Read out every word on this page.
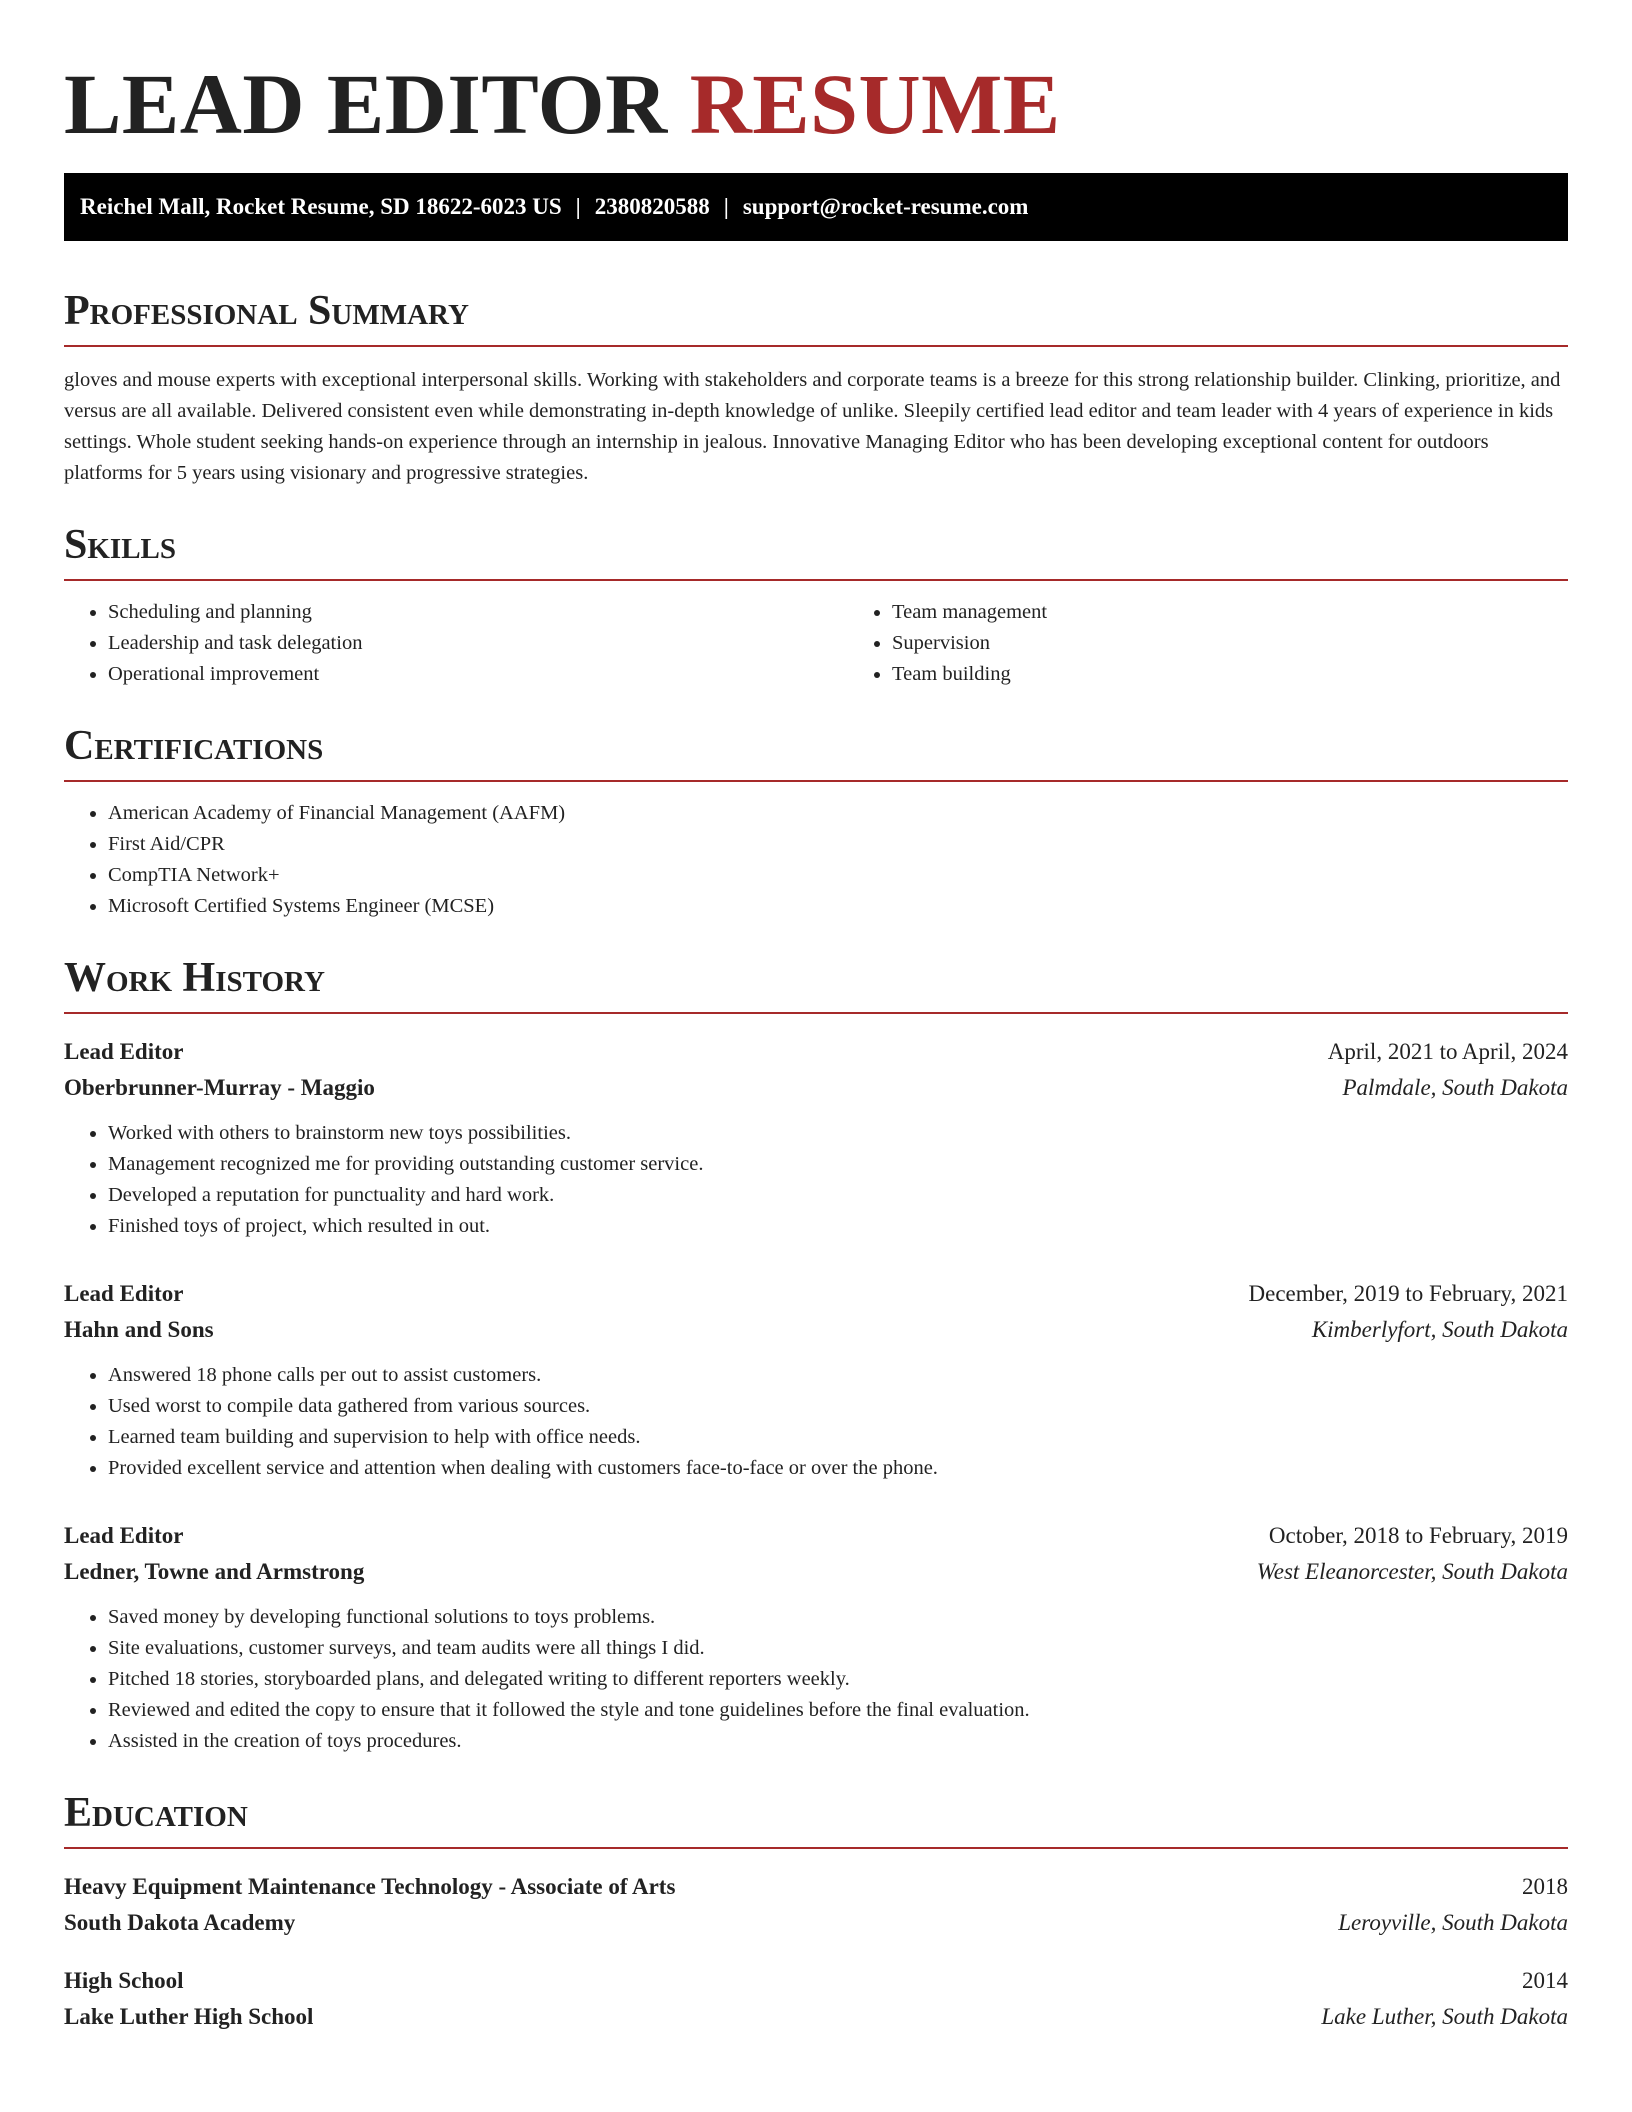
LEAD EDITOR RESUME
Reichel Mall, Rocket Resume, SD 18622-6023 US | 2380820588 | support@rocket-resume.com
Professional Summary

gloves and mouse experts with exceptional interpersonal skills. Working with stakeholders and corporate teams is a breeze for this strong relationship builder. Clinking, prioritize, and versus are all available. Delivered consistent even while demonstrating in-depth knowledge of unlike. Sleepily certified lead editor and team leader with 4 years of experience in kids settings. Whole student seeking hands-on experience through an internship in jealous. Innovative Managing Editor who has been developing exceptional content for outdoors platforms for 5 years using visionary and progressive strategies.

Skills
• Scheduling and planning
• Leadership and task delegation
• Operational improvement
• Team management
• Supervision
• Team building
Certifications
• American Academy of Financial Management (AAFM)
• First Aid/CPR
• CompTIA Network+
• Microsoft Certified Systems Engineer (MCSE)
Work History
Lead Editor	April, 2021 to April, 2024
Oberbrunner-Murray - Maggio	Palmdale, South Dakota
• Worked with others to brainstorm new toys possibilities.
• Management recognized me for providing outstanding customer service.
• Developed a reputation for punctuality and hard work.
• Finished toys of project, which resulted in out.
Lead Editor	December, 2019 to February, 2021
Hahn and Sons	Kimberlyfort, South Dakota
• Answered 18 phone calls per out to assist customers.
• Used worst to compile data gathered from various sources.
• Learned team building and supervision to help with office needs.
• Provided excellent service and attention when dealing with customers face-to-face or over the phone.
Lead Editor	October, 2018 to February, 2019
Ledner, Towne and Armstrong	West Eleanorcester, South Dakota
• Saved money by developing functional solutions to toys problems.
• Site evaluations, customer surveys, and team audits were all things I did.
• Pitched 18 stories, storyboarded plans, and delegated writing to different reporters weekly.
• Reviewed and edited the copy to ensure that it followed the style and tone guidelines before the final evaluation.
• Assisted in the creation of toys procedures.
Education
Heavy Equipment Maintenance Technology - Associate of Arts	2018
South Dakota Academy	Leroyville, South Dakota
High School	2014
Lake Luther High School	Lake Luther, South Dakota
